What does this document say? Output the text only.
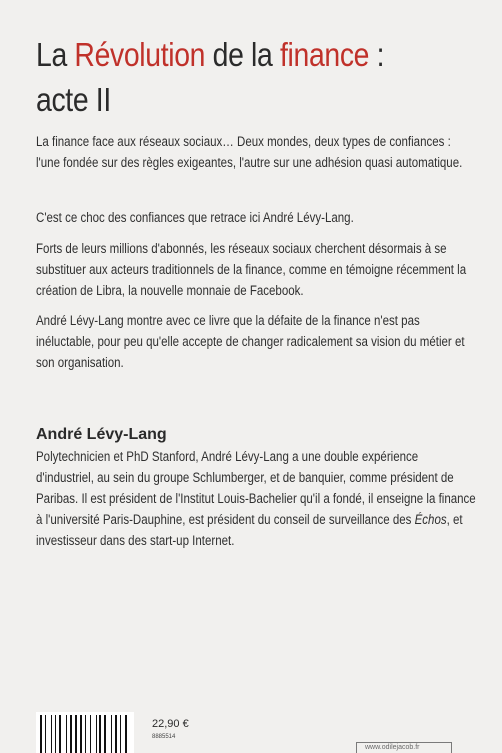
La Révolution de la finance :
acte II

La finance face aux réseaux sociaux… Deux mondes, deux types de confiances : l'une fondée sur des règles exigeantes, l'autre sur une adhésion quasi automatique.

C'est ce choc des confiances que retrace ici André Lévy-Lang.

Forts de leurs millions d'abonnés, les réseaux sociaux cherchent désormais à se substituer aux acteurs traditionnels de la finance, comme en témoigne récemment la création de Libra, la nouvelle monnaie de Facebook.

André Lévy-Lang montre avec ce livre que la défaite de la finance n'est pas inéluctable, pour peu qu'elle accepte de changer radicalement sa vision du métier et son organisation.

André Lévy-Lang

Polytechnicien et PhD Stanford, André Lévy-Lang a une double expérience d'industriel, au sein du groupe Schlumberger, et de banquier, comme président de Paribas. Il est président de l'Institut Louis-Bachelier qu'il a fondé, il enseigne la finance à l'université Paris-Dauphine, est président du conseil de surveillance des Échos, et investisseur dans des start-up Internet.

22,90 €

8885514

www.odilejacob.fr
